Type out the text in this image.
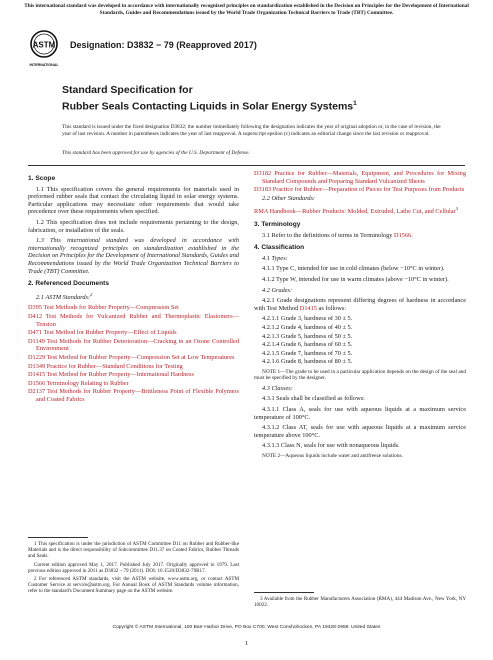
This international standard was developed in accordance with internationally recognized principles on standardization established in the Decision on Principles for the Development of International Standards, Guides and Recommendations issued by the World Trade Organization Technical Barriers to Trade (TBT) Committee.
ASTM
INTERNATIONAL
Designation: D3832 − 79 (Reapproved 2017)
Standard Specification for
Rubber Seals Contacting Liquids in Solar Energy Systems$^1$
This standard is issued under the fixed designation D3832; the number immediately following the designation indicates the year of original adoption or, in the case of revision, the year of last revision. A number in parentheses indicates the year of last reapproval. A superscript epsilon (ε) indicates an editorial change since the last revision or reapproval.
This standard has been approved for use by agencies of the U.S. Department of Defense.
1. Scope

1.1 This specification covers the general requirements for materials used in preformed rubber seals that contact the circulating liquid in solar energy systems. Particular applications may necessitate other requirements that would take precedence over these requirements when specified.

1.2 This specification does not include requirements pertaining to the design, fabrication, or installation of the seals.

1.3 This international standard was developed in accordance with internationally recognized principles on standardization established in the Decision on Principles for the Development of International Standards, Guides and Recommendations issued by the World Trade Organization Technical Barriers to Trade (TBT) Committee.

2. Referenced Documents

2.1 ASTM Standards:$^2$

D395 Test Methods for Rubber Property—Compression Set

D412 Test Methods for Vulcanized Rubber and Thermoplastic Elastomers—Tension

D471 Test Method for Rubber Property—Effect of Liquids

D1149 Test Methods for Rubber Deterioration—Cracking in an Ozone Controlled Environment

D1229 Test Method for Rubber Property—Compression Set at Low Temperatures

D1349 Practice for Rubber—Standard Conditions for Testing

D1415 Test Method for Rubber Property—International Hardness

D1566 Terminology Relating to Rubber

D2137 Test Methods for Rubber Property—Brittleness Point of Flexible Polymers and Coated Fabrics

1 This specification is under the jurisdiction of ASTM Committee D11 on Rubber and Rubber-like Materials and is the direct responsibility of Subcommittee D11.37 on Coated Fabrics, Rubber Threads and Seals.

Current edition approved May 1, 2017. Published July 2017. Originally approved in 1979. Last previous edition approved in 2011 as D3832 – 79 (2011). DOI: 10.1520/D3832-79R17.

2 For referenced ASTM standards, visit the ASTM website, www.astm.org, or contact ASTM Customer Service at service@astm.org. For Annual Book of ASTM Standards volume information, refer to the standard's Document Summary page on the ASTM website.

D3182 Practice for Rubber—Materials, Equipment, and Procedures for Mixing Standard Compounds and Preparing Standard Vulcanized Sheets

D3183 Practice for Rubber—Preparation of Pieces for Test Purposes from Products

2.2 Other Standards:

RMA Handbook—Rubber Products: Molded, Extruded, Lathe Cut, and Cellular$^3$

3. Terminology

3.1 Refer to the definitions of terms in Terminology D1566.

4. Classification

4.1 Types:

4.1.1 Type C, intended for use in cold climates (below −10°C in winter).

4.1.2 Type W, intended for use in warm climates (above −10°C in winter).

4.2 Grades:

4.2.1 Grade designations represent differing degrees of hardness in accordance with Test Method D1415 as follows:

4.2.1.1 Grade 3, hardness of 30 ± 5.

4.2.1.2 Grade 4, hardness of 40 ± 5.

4.2.1.3 Grade 5, hardness of 50 ± 5.

4.2.1.4 Grade 6, hardness of 60 ± 5.

4.2.1.5 Grade 7, hardness of 70 ± 5.

4.2.1.6 Grade 8, hardness of 80 ± 5.

NOTE 1—The grade to be used in a particular application depends on the design of the seal and must be specified by the designer.

4.3 Classes:

4.3.1 Seals shall be classified as follows:

4.3.1.1 Class A, seals for use with aqueous liquids at a maximum service temperature of 100°C.

4.3.1.2 Class AT, seals for use with aqueous liquids at a maximum service temperature above 100°C.

4.3.1.3 Class N, seals for use with nonaqueous liquids.

NOTE 2—Aqueous liquids include water and antifreeze solutions.

3 Available from the Rubber Manufacturers Association (RMA), 444 Madison Ave., New York, NY 10022.

Copyright © ASTM International, 100 Barr Harbor Drive, PO Box C700, West Conshohocken, PA 19428-2959. United States
1
